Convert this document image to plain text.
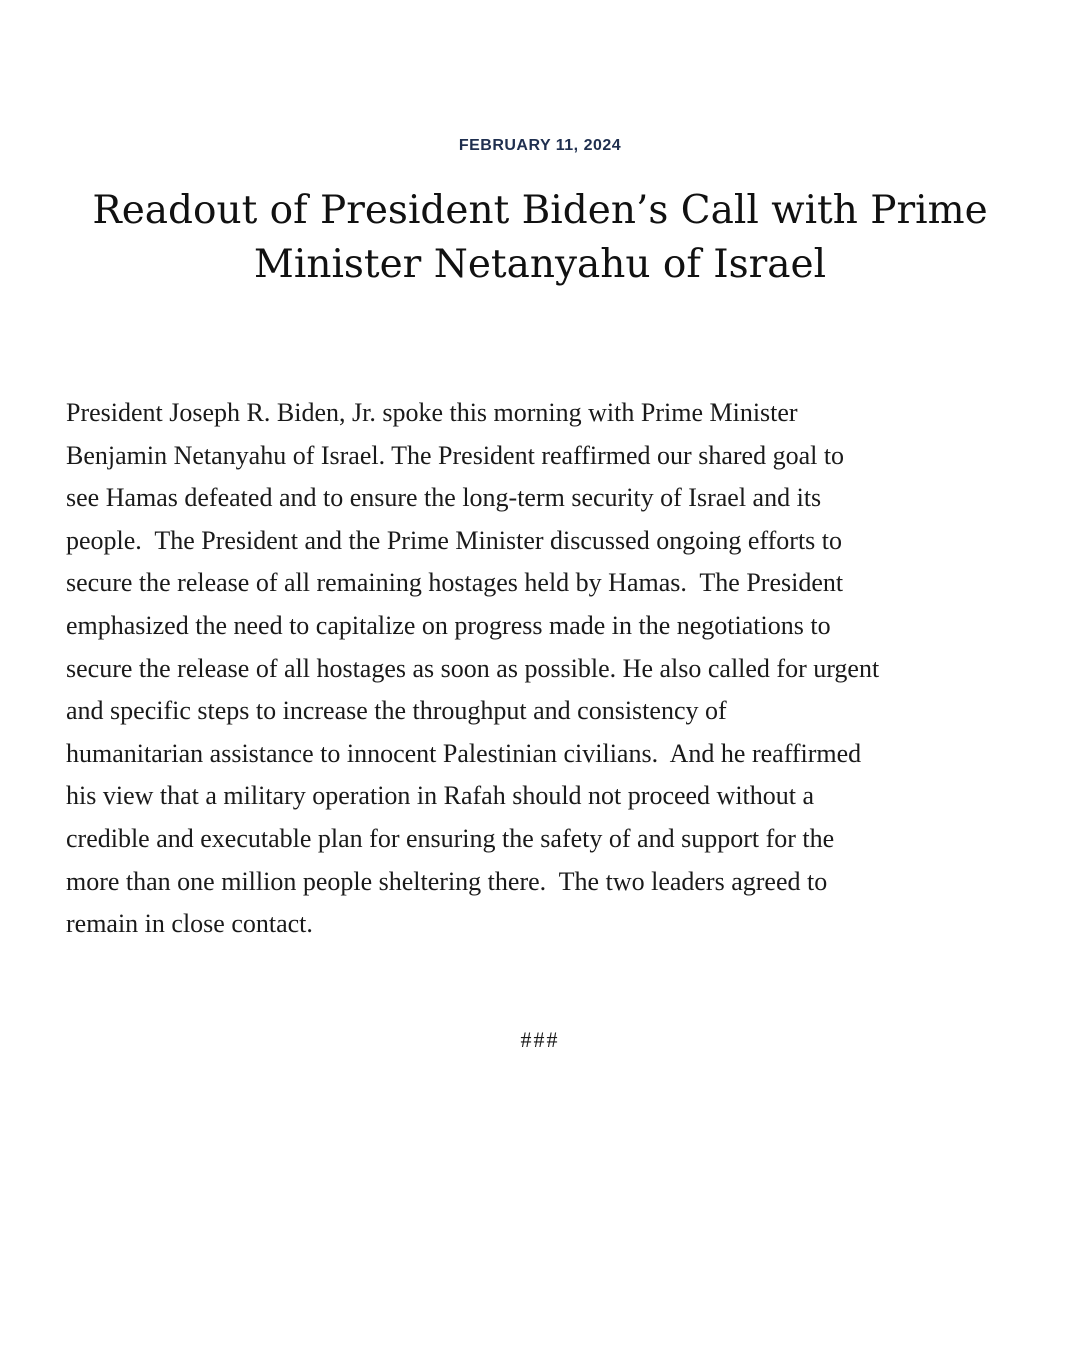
FEBRUARY 11, 2024
Readout of President Biden’s Call with Prime
Minister Netanyahu of Israel
President Joseph R. Biden, Jr. spoke this morning with Prime Minister
Benjamin Netanyahu of Israel. The President reaffirmed our shared goal to
see Hamas defeated and to ensure the long-term security of Israel and its
people.  The President and the Prime Minister discussed ongoing efforts to
secure the release of all remaining hostages held by Hamas.  The President
emphasized the need to capitalize on progress made in the negotiations to
secure the release of all hostages as soon as possible. He also called for urgent
and specific steps to increase the throughput and consistency of
humanitarian assistance to innocent Palestinian civilians.  And he reaffirmed
his view that a military operation in Rafah should not proceed without a
credible and executable plan for ensuring the safety of and support for the
more than one million people sheltering there.  The two leaders agreed to
remain in close contact.
###
